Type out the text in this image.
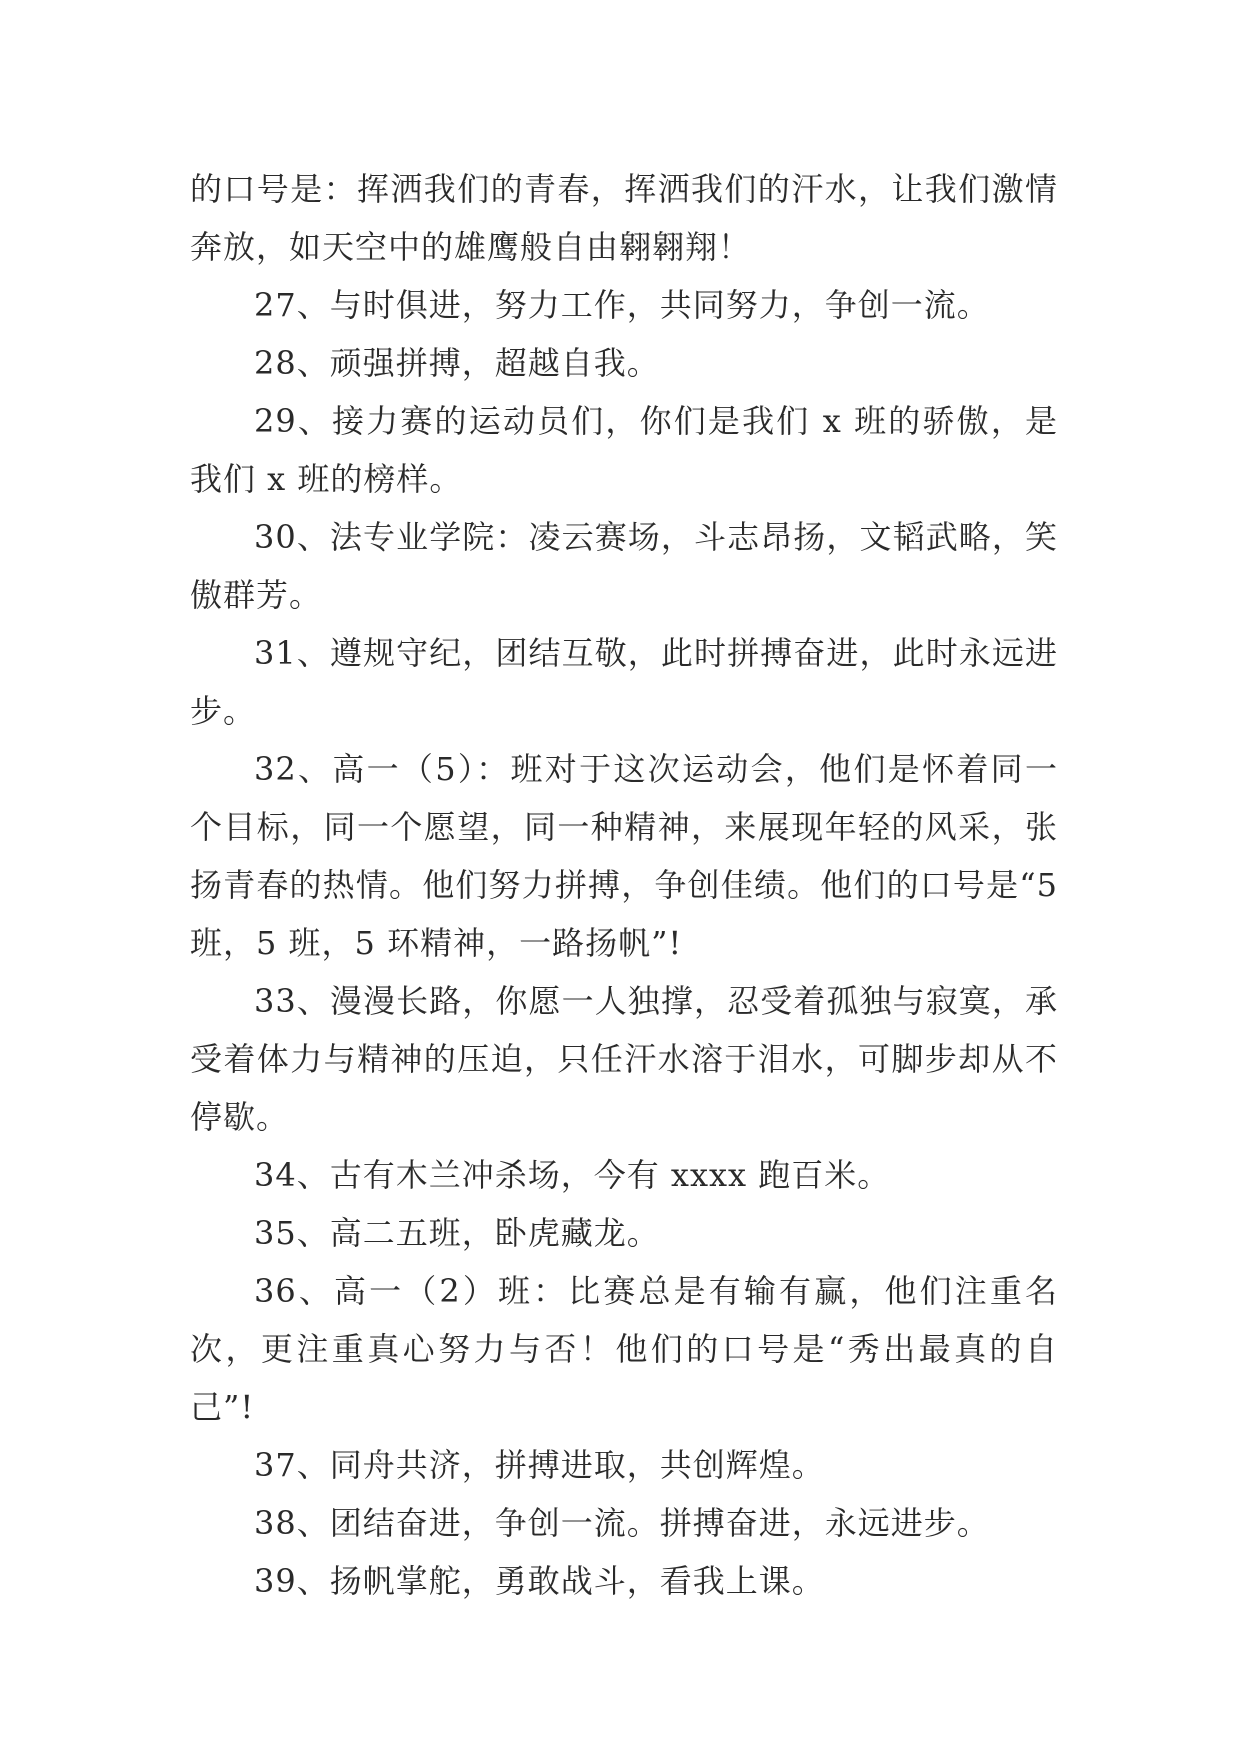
的口号是：挥洒我们的青春，挥洒我们的汗水，让我们激情奔放，如天空中的雄鹰般自由翱翱翔！

27、与时俱进，努力工作，共同努力，争创一流。

28、顽强拼搏，超越自我。

29、接力赛的运动员们，你们是我们 x 班的骄傲，是我们 x 班的榜样。

30、法专业学院：凌云赛场，斗志昂扬，文韬武略，笑傲群芳。

31、遵规守纪，团结互敬，此时拼搏奋进，此时永远进步。

32、高一（5）：班对于这次运动会，他们是怀着同一个目标，同一个愿望，同一种精神，来展现年轻的风采，张扬青春的热情。他们努力拼搏，争创佳绩。他们的口号是“5 班，5 班，5 环精神，一路扬帆”!

33、漫漫长路，你愿一人独撑，忍受着孤独与寂寞，承受着体力与精神的压迫，只任汗水溶于泪水，可脚步却从不停歇。

34、古有木兰冲杀场，今有 xxxx 跑百米。

35、高二五班，卧虎藏龙。

36、高一（2）班：比赛总是有输有赢，他们注重名次，更注重真心努力与否！他们的口号是“秀出最真的自己”!

37、同舟共济，拼搏进取，共创辉煌。

38、团结奋进，争创一流。拼搏奋进，永远进步。

39、扬帆掌舵，勇敢战斗，看我上课。
